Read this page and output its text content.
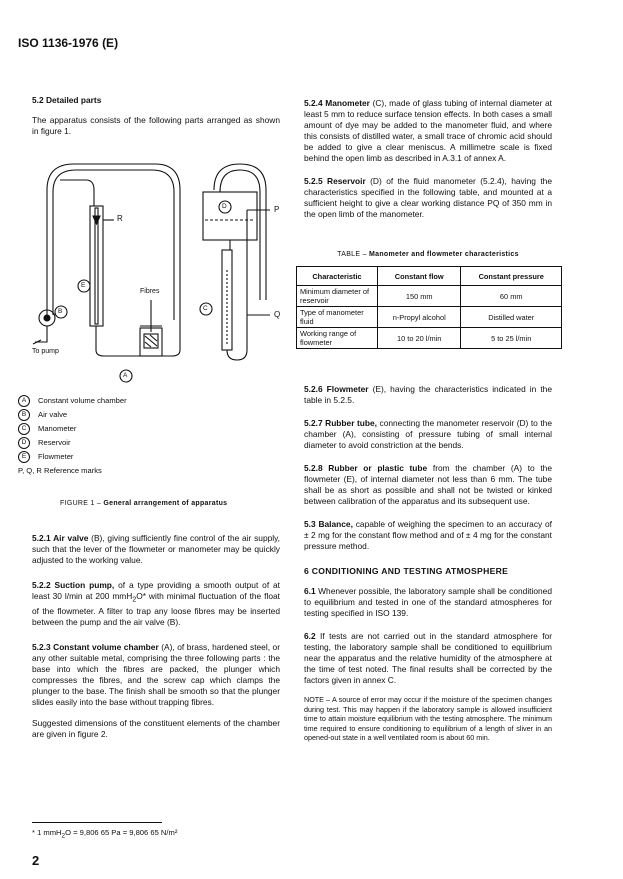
ISO 1136-1976 (E)

5.2 Detailed parts

The apparatus consists of the following parts arranged as shown in figure 1.

R
P
Q
Fibres
To pump
B
E
D
C
A
A	Constant volume chamber
B	Air valve
C	Manometer
D	Reservoir
E	Flowmeter
P, Q, R Reference marks
FIGURE 1 – General arrangement of apparatus

5.2.1 Air valve (B), giving sufficiently fine control of the air supply, such that the lever of the flowmeter or manometer may be quickly adjusted to the working value.

5.2.2 Suction pump, of a type providing a smooth output of at least 30 l/min at 200 mmH$_2$O* with minimal fluctuation of the float of the flowmeter. A filter to trap any loose fibres may be inserted between the pump and the air valve (B).

5.2.3 Constant volume chamber (A), of brass, hardened steel, or any other suitable metal, comprising the three following parts : the base into which the fibres are packed, the plunger which compresses the fibres, and the screw cap which clamps the plunger to the base. The finish shall be smooth so that the plunger slides easily into the base without trapping fibres.

Suggested dimensions of the constituent elements of the chamber are given in figure 2.

* 1 mmH$_2$O = 9,806 65 Pa = 9,806 65 N/m²
2

5.2.4 Manometer (C), made of glass tubing of internal diameter at least 5 mm to reduce surface tension effects. In both cases a small amount of dye may be added to the manometer fluid, and where this consists of distilled water, a small trace of chromic acid should be added to give a clear meniscus. A millimetre scale is fixed behind the open limb as described in A.3.1 of annex A.

5.2.5 Reservoir (D) of the fluid manometer (5.2.4), having the characteristics specified in the following table, and mounted at a sufficient height to give a clear working distance PQ of 350 mm in the open limb of the manometer.

TABLE – Manometer and flowmeter characteristics
Characteristic	Constant flow	Constant pressure
Minimum diameter of reservoir	150 mm	60 mm
Type of manometer fluid	n-Propyl alcohol	Distilled water
Working range of flowmeter	10 to 20 l/min	5 to 25 l/min

5.2.6 Flowmeter (E), having the characteristics indicated in the table in 5.2.5.

5.2.7 Rubber tube, connecting the manometer reservoir (D) to the chamber (A), consisting of pressure tubing of small internal diameter to avoid constriction at the bends.

5.2.8 Rubber or plastic tube from the chamber (A) to the flowmeter (E), of internal diameter not less than 6 mm. The tube shall be as short as possible and shall not be twisted or kinked between calibration of the apparatus and its subsequent use.

5.3 Balance, capable of weighing the specimen to an accuracy of ± 2 mg for the constant flow method and of ± 4 mg for the constant pressure method.

6 CONDITIONING AND TESTING ATMOSPHERE

6.1 Whenever possible, the laboratory sample shall be conditioned to equilibrium and tested in one of the standard atmospheres for testing specified in ISO 139.

6.2 If tests are not carried out in the standard atmosphere for testing, the laboratory sample shall be conditioned to equilibrium near the apparatus and the relative humidity of the atmosphere at the time of test noted. The final results shall be corrected by the factors given in annex C.

NOTE – A source of error may occur if the moisture of the specimen changes during test. This may happen if the laboratory sample is allowed insufficient time to attain moisture equilibrium with the testing atmosphere. The minimum time required to ensure conditioning to equilibrium of a length of sliver in an opened-out state in a well ventilated room is about 60 min.
